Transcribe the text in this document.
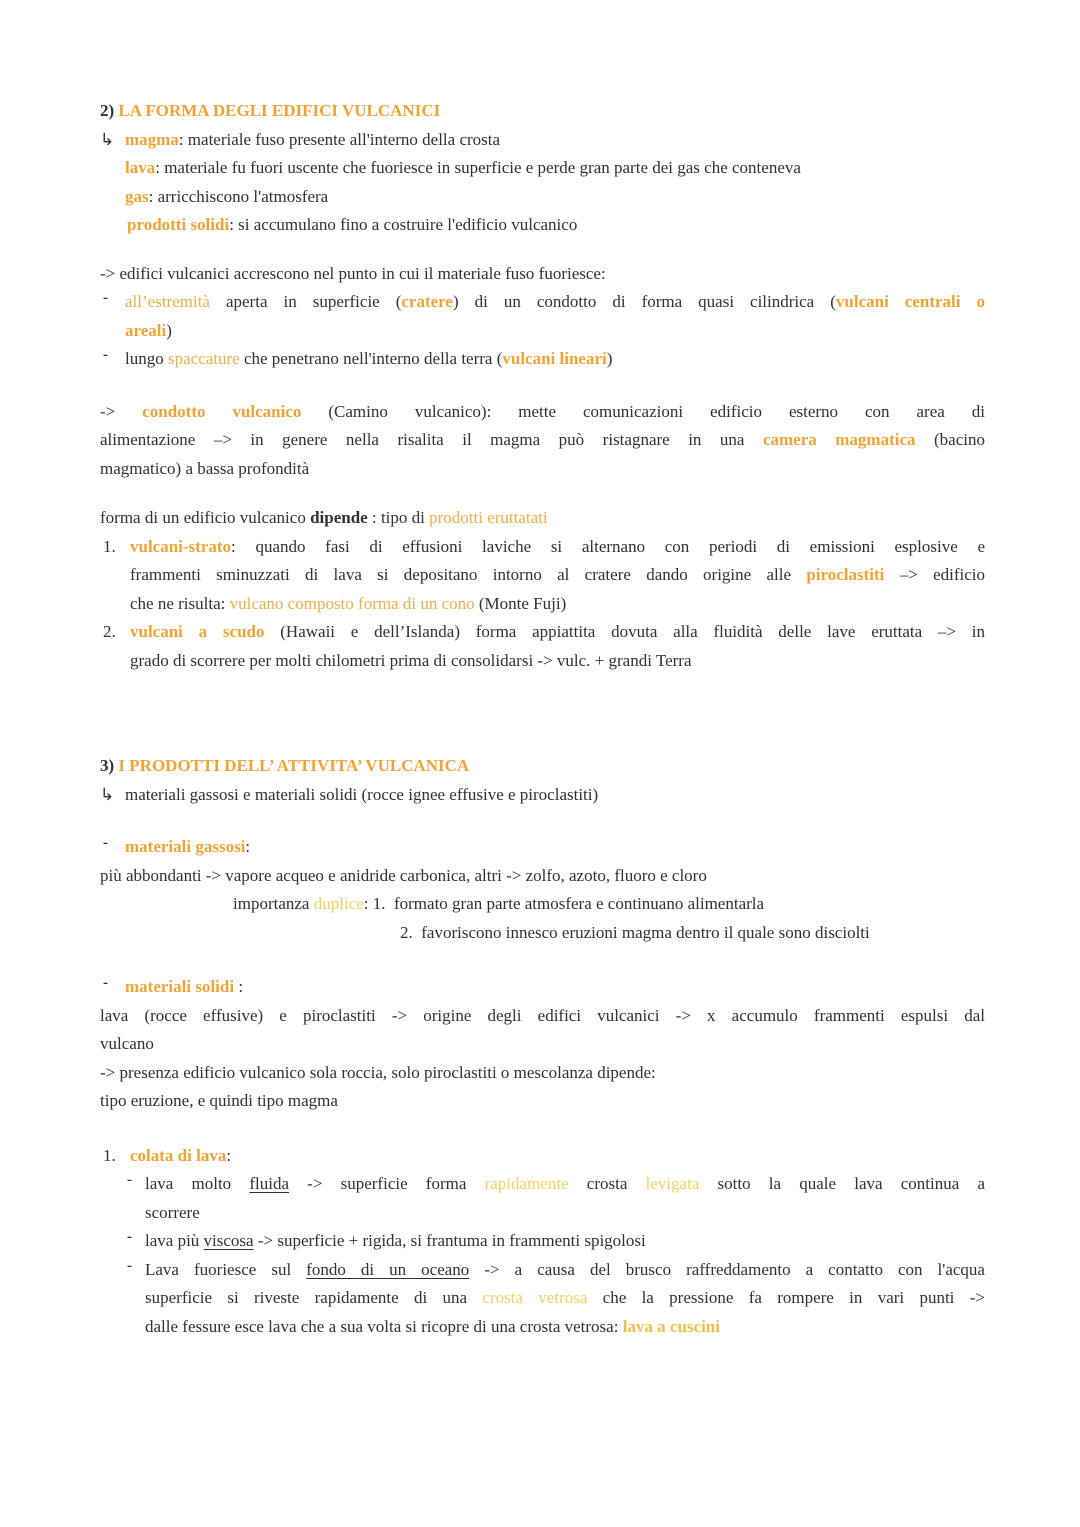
2) LA FORMA DEGLI EDIFICI VULCANICI
↳ magma: materiale fuso presente all'interno della crosta
lava: materiale fu fuori uscente che fuoriesce in superficie e perde gran parte dei gas che conteneva
gas: arricchiscono l'atmosfera
prodotti solidi: si accumulano fino a costruire l'edificio vulcanico
-> edifici vulcanici accrescono nel punto in cui il materiale fuso fuoriesce:
- all’estremità aperta in superficie (cratere) di un condotto di forma quasi cilindrica (vulcani centrali o
areali)
- lungo spaccature che penetrano nell'interno della terra (vulcani lineari)
-> condotto vulcanico (Camino vulcanico): mette comunicazioni edificio esterno con area di
alimentazione –> in genere nella risalita il magma può ristagnare in una camera magmatica (bacino
magmatico) a bassa profondità
forma di un edificio vulcanico dipende : tipo di prodotti eruttatati
1. vulcani-strato: quando fasi di effusioni laviche si alternano con periodi di emissioni esplosive e
frammenti sminuzzati di lava si depositano intorno al cratere dando origine alle piroclastiti –> edificio
che ne risulta: vulcano composto forma di un cono (Monte Fuji)
2. vulcani a scudo (Hawaii e dell’Islanda) forma appiattita dovuta alla fluidità delle lave eruttata –> in
grado di scorrere per molti chilometri prima di consolidarsi -> vulc. + grandi Terra
3) I PRODOTTI DELL’ ATTIVITA’ VULCANICA
↳ materiali gassosi e materiali solidi (rocce ignee effusive e piroclastiti)
- materiali gassosi:
più abbondanti -> vapore acqueo e anidride carbonica, altri -> zolfo, azoto, fluoro e cloro
importanza duplice: 1.  formato gran parte atmosfera e continuano alimentarla
2.  favoriscono innesco eruzioni magma dentro il quale sono disciolti
- materiali solidi :
lava (rocce effusive) e piroclastiti -> origine degli edifici vulcanici -> x accumulo frammenti espulsi dal
vulcano
-> presenza edificio vulcanico sola roccia, solo piroclastiti o mescolanza dipende:
tipo eruzione, e quindi tipo magma
1. colata di lava:
- lava molto fluida -> superficie forma rapidamente crosta levigata sotto la quale lava continua a
scorrere
- lava più viscosa -> superficie + rigida, si frantuma in frammenti spigolosi
- Lava fuoriesce sul fondo di un oceano -> a causa del brusco raffreddamento a contatto con l'acqua
superficie si riveste rapidamente di una crosta vetrosa che la pressione fa rompere in vari punti ->
dalle fessure esce lava che a sua volta si ricopre di una crosta vetrosa: lava a cuscini
